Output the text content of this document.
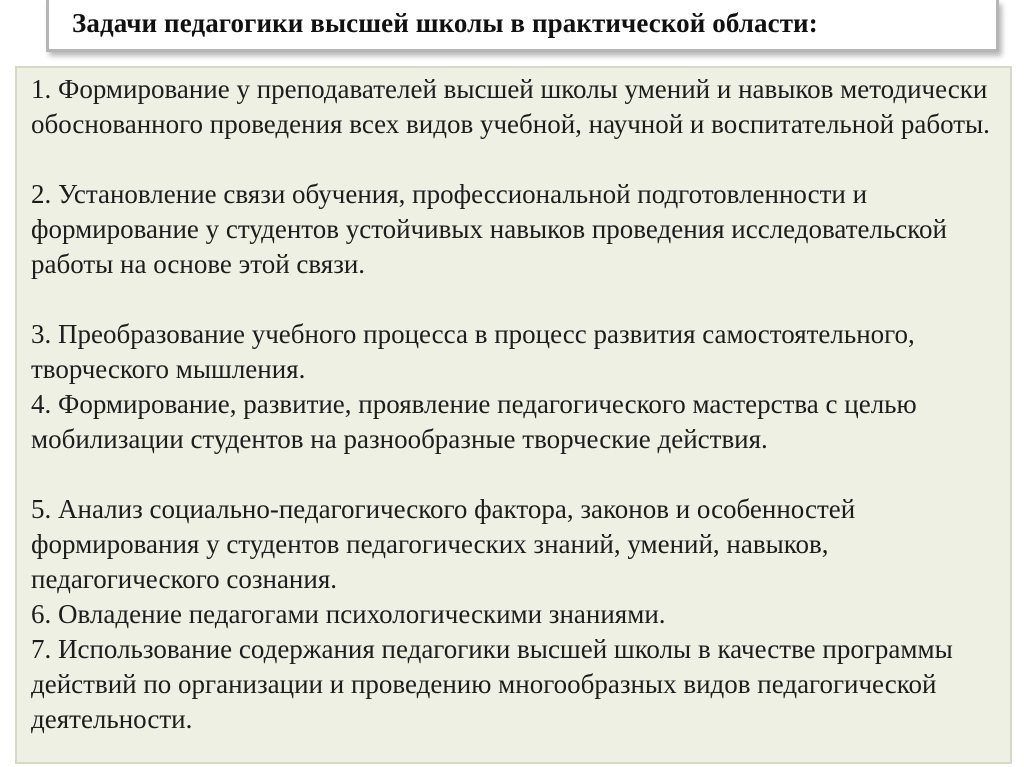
Задачи педагогики высшей школы в практической области:

1. Формирование у преподавателей высшей школы умений и навыков методически обоснованного проведения всех видов учебной, научной и воспитательной работы.

2. Установление связи обучения, профессиональной подготовленности и формирование у студентов устойчивых навыков проведения исследовательской работы на основе этой связи.

3. Преобразование учебного процесса в процесс развития самостоятельного, творческого мышления.

4. Формирование, развитие, проявление педагогического мастерства с целью мобилизации студентов на разнообразные творческие действия.

5. Анализ социально-педагогического фактора, законов и особенностей формирования у студентов педагогических знаний, умений, навыков, педагогического сознания.

6. Овладение педагогами психологическими знаниями.

7. Использование содержания педагогики высшей школы в качестве программы действий по организации и проведению многообразных видов педагогической деятельности.
